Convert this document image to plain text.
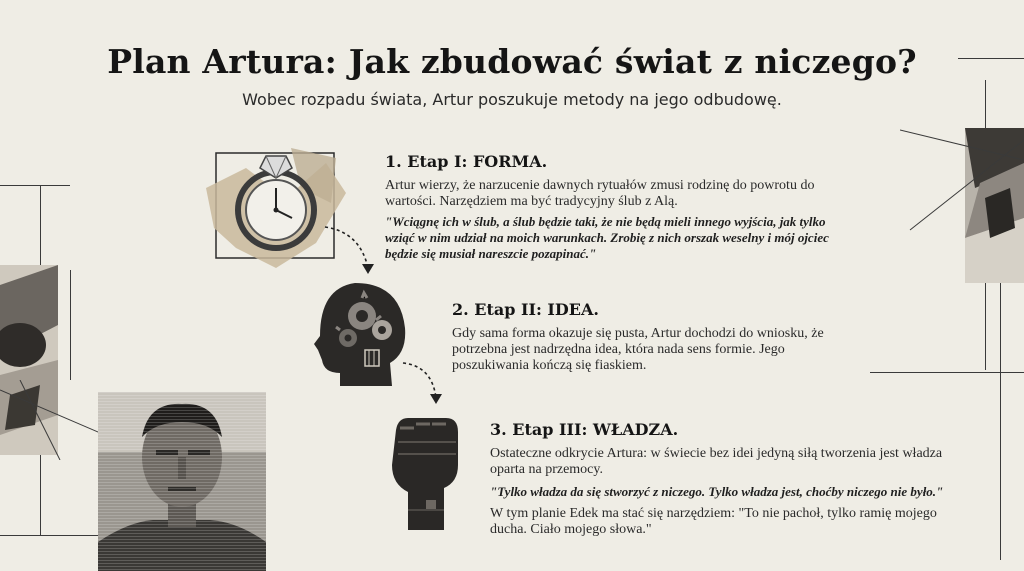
Plan Artura: Jak zbudować świat z niczego?
Wobec rozpadu świata, Artur poszukuje metody na jego odbudowę.
1. Etap I: FORMA.
Artur wierzy, że narzucenie dawnych rytuałów zmusi rodzinę do powrotu do wartości. Narzędziem ma być tradycyjny ślub z Alą.
"Wciągnę ich w ślub, a ślub będzie taki, że nie będą mieli innego wyjścia, jak tylko wziąć w nim udział na moich warunkach. Zrobię z nich orszak weselny i mój ojciec będzie się musiał nareszcie pozapinać."
2. Etap II: IDEA.
Gdy sama forma okazuje się pusta, Artur dochodzi do wniosku, że potrzebna jest nadrzędna idea, która nada sens formie. Jego poszukiwania kończą się fiaskiem.
3. Etap III: WŁADZA.
Ostateczne odkrycie Artura: w świecie bez idei jedyną siłą tworzenia jest władza oparta na przemocy.
"Tylko władza da się stworzyć z niczego. Tylko władza jest, choćby niczego nie było."
W tym planie Edek ma stać się narzędziem: "To nie pachoł, tylko ramię mojego ducha. Ciało mojego słowa."
